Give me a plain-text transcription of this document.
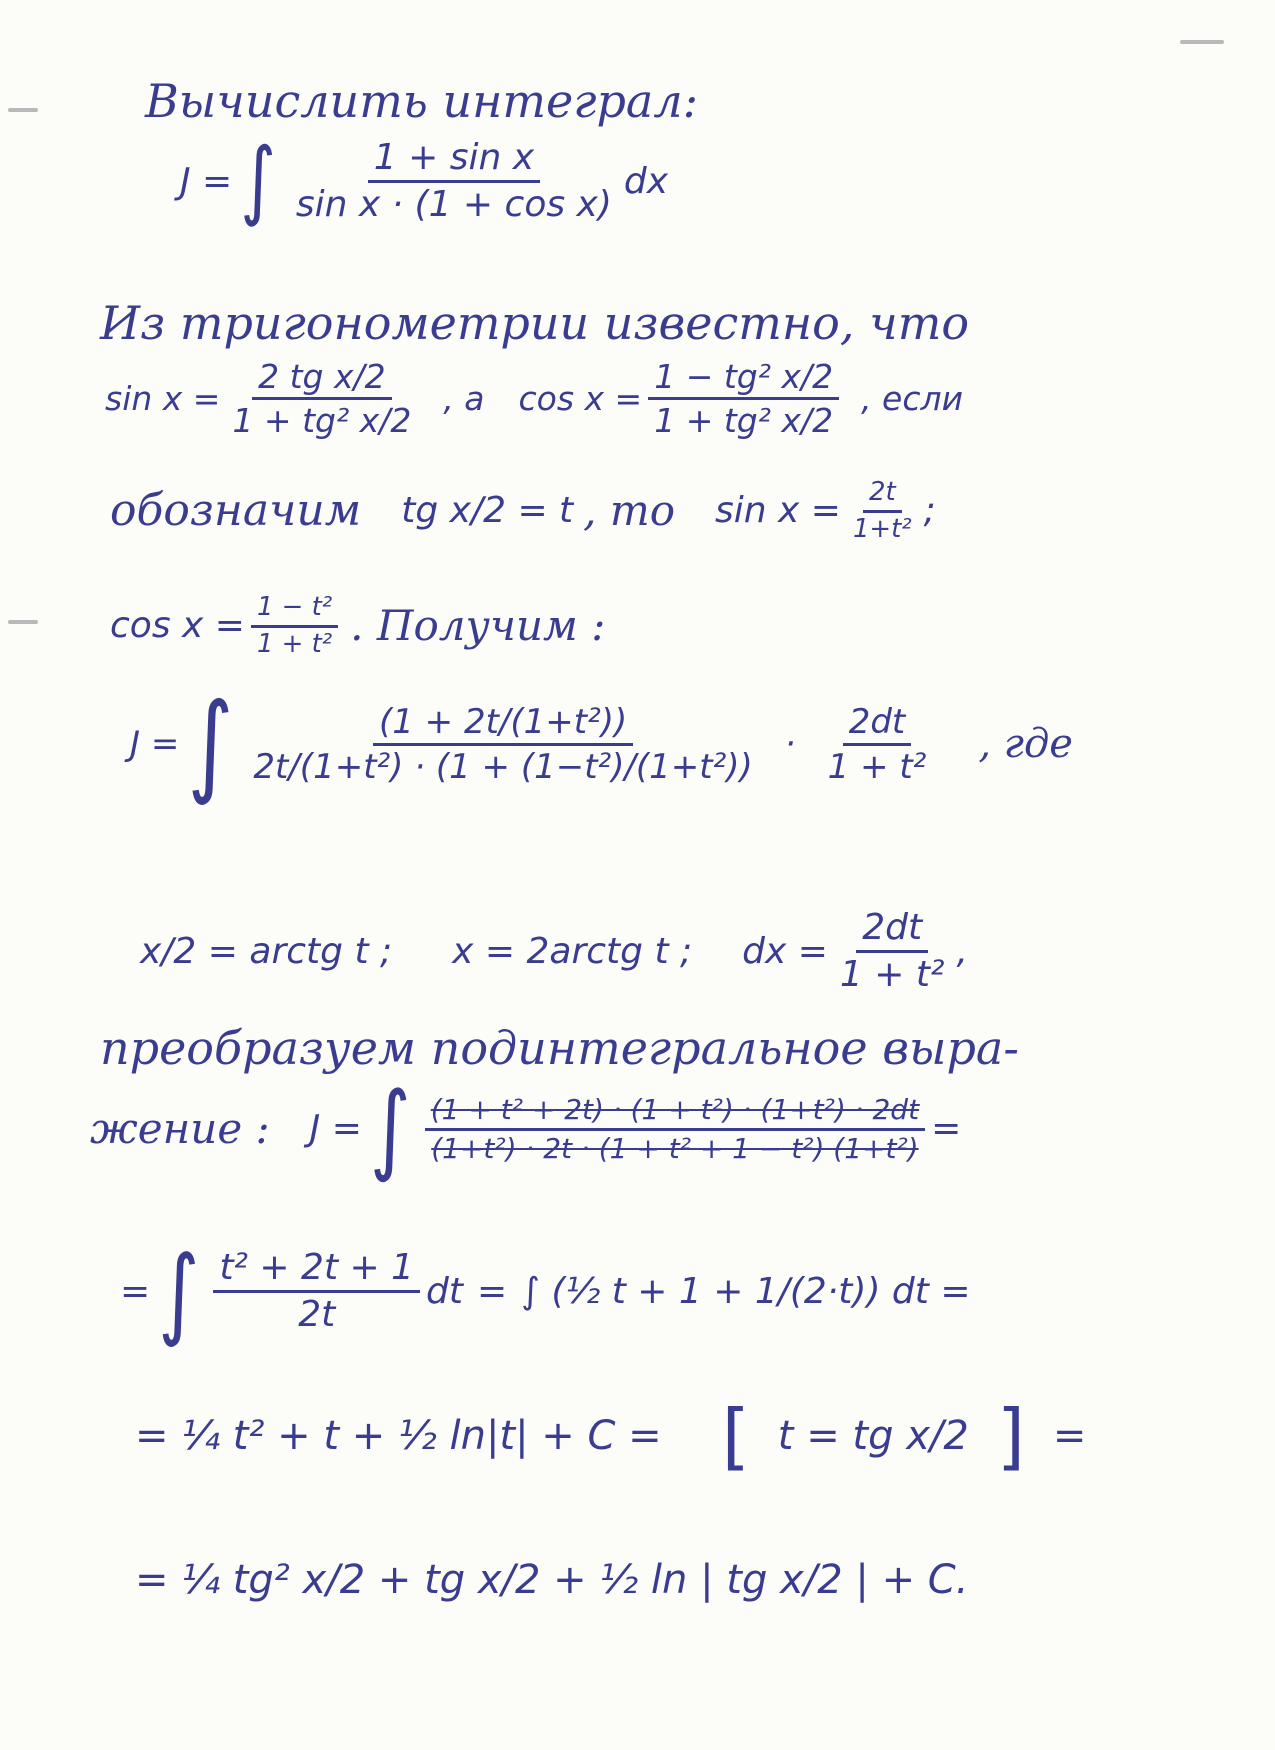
Вычислить интеграл:
J = ∫ $\frac{\text{1 + sin x}}{\text{sin x · (1 + cos x)}}$ dx
Из тригонометрии известно, что
$\sin x = \frac{\text{2 tg x/2}}{\text{1 + tg² x/2}}$ , а $\cos x = \frac{\text{1 − tg² x/2}}{\text{1 + tg² x/2}}$ , если
обозначим tg x/2 = t , то $\sin x = \frac{2t}{\text{1+t²}}$ ;
$\cos x = \frac{\text{1 − t²}}{\text{1 + t²}}$ . Получим :
J = ∫ $\frac{\text{(1 + 2t/(1+t²))}}{\text{2t/(1+t²) · (1 + (1−t²)/(1+t²))}} \cdot \frac{2dt}{\text{1 + t²}}$ , где
x/2 = arctg t ; x = 2arctg t ; dx = $\frac{2dt}{\text{1 + t²}}$ ,
преобразуем подинтегральное выра-
жение : J = ∫ $\frac{\text{(1 + t² + 2t) · (1 + t²) · (1+t²) · 2dt}}{\text{(1+t²) · 2t · (1 + t² + 1 − t²) (1+t²)}}$ =
= ∫ $\frac{\text{t² + 2t + 1}}{2t}$ dt = ∫ (½ t + 1 + 1/(2·t)) dt =
= ¼ t² + t + ½ ln|t| + C = [ t = tg x/2 ] =
= ¼ tg² x/2 + tg x/2 + ½ ln | tg x/2 | + C.
